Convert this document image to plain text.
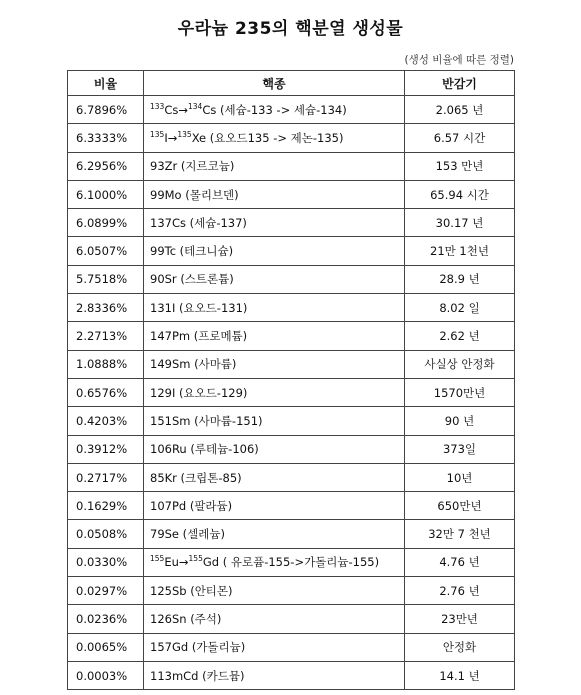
우라늄 235의 핵분열 생성물
(생성 비율에 따른 정렬)
비율	핵종	반감기
6.7896%	$^{133}$Cs→$^{134}$Cs (세슘-133 -> 세슘-134)	2.065 년
6.3333%	$^{135}$I→$^{135}$Xe (요오드135 -> 제논-135)	6.57 시간
6.2956%	93Zr (지르코늄)	153 만년
6.1000%	99Mo (몰리브덴)	65.94 시간
6.0899%	137Cs (세슘-137)	30.17 년
6.0507%	99Tc (테크니슘)	21만 1천년
5.7518%	90Sr (스트론튬)	28.9 년
2.8336%	131I (요오드-131)	8.02 일
2.2713%	147Pm (프로메튬)	2.62 년
1.0888%	149Sm (사마륨)	사실상 안정화
0.6576%	129I (요오드-129)	1570만년
0.4203%	151Sm (사마륨-151)	90 년
0.3912%	106Ru (루테늄-106)	373일
0.2717%	85Kr (크립톤-85)	10년
0.1629%	107Pd (팔라듐)	650만년
0.0508%	79Se (셀레늄)	32만 7 천년
0.0330%	$^{155}$Eu→$^{155}$Gd ( 유로퓸-155->가돌리늄-155)	4.76 년
0.0297%	125Sb (안티몬)	2.76 년
0.0236%	126Sn (주석)	23만년
0.0065%	157Gd (가돌리늄)	안정화
0.0003%	113mCd (카드뮴)	14.1 년
